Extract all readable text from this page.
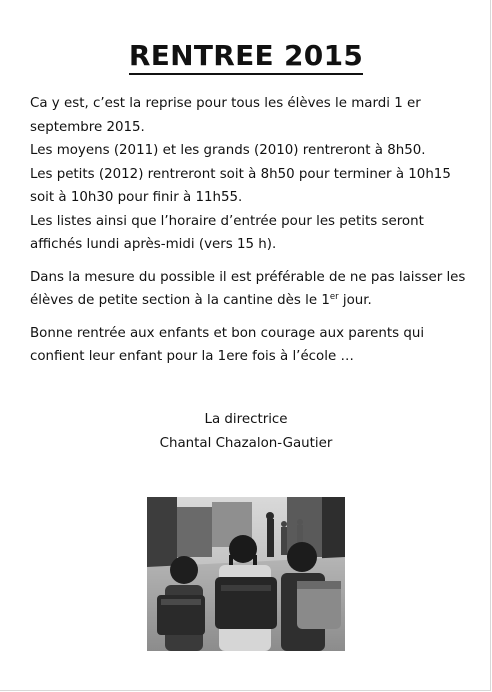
RENTREE 2015

Ca y est, c’est la reprise pour tous les élèves le mardi 1 er

septembre 2015.

Les moyens (2011) et les grands (2010) rentreront à 8h50.

Les petits (2012) rentreront soit à 8h50 pour terminer à 10h15

soit à 10h30 pour finir à 11h55.

Les listes ainsi que l’horaire d’entrée pour les petits seront

affichés lundi après-midi (vers 15 h).

Dans la mesure du possible il est préférable de ne pas laisser les

élèves de petite section à la cantine dès le 1er jour.

Bonne rentrée aux enfants et bon courage aux parents qui

confient leur enfant pour la 1ere fois à l’école …

La directrice
Chantal Chazalon-Gautier
